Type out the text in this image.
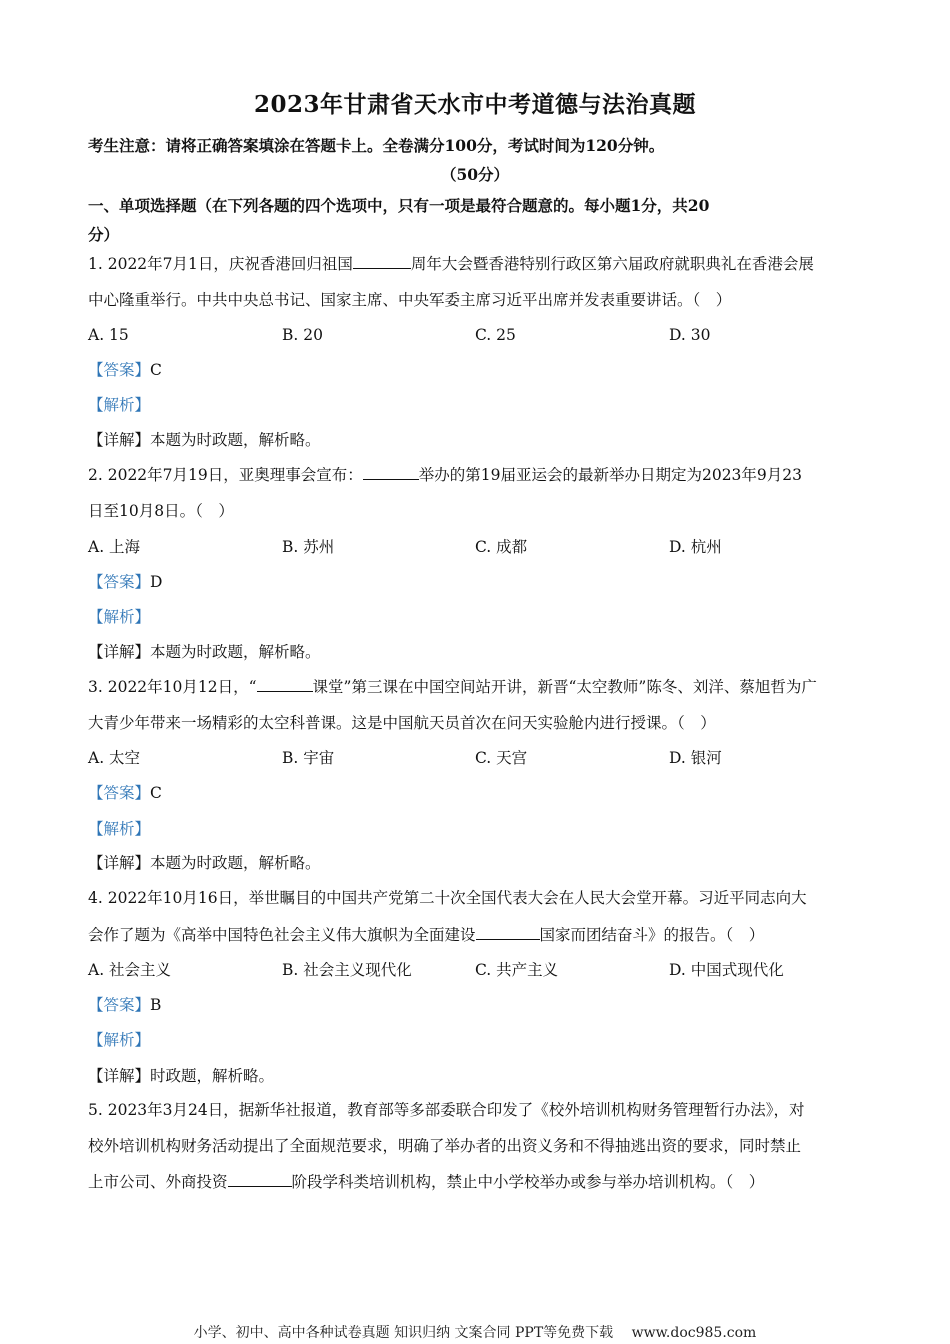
2023年甘肃省天水市中考道德与法治真题
考生注意：请将正确答案填涂在答题卡上。全卷满分100分，考试时间为120分钟。
（50分）
一、单项选择题（在下列各题的四个选项中，只有一项是最符合题意的。每小题1分，共20
分）
1. 2022年7月1日，庆祝香港回归祖国	周年大会暨香港特别行政区第六届政府就职典礼在香港会展
中心隆重举行。中共中央总书记、国家主席、中央军委主席习近平出席并发表重要讲话。（　）
A. 15	B. 20	C. 25	D. 30
【答案】C
【解析】
【详解】本题为时政题，解析略。
2. 2022年7月19日，亚奥理事会宣布：	举办的第19届亚运会的最新举办日期定为2023年9月23
日至10月8日。（　）
A. 上海	B. 苏州	C. 成都	D. 杭州
【答案】D
【解析】
【详解】本题为时政题，解析略。
3. 2022年10月12日，“	课堂”第三课在中国空间站开讲，新晋“太空教师”陈冬、刘洋、蔡旭哲为广
大青少年带来一场精彩的太空科普课。这是中国航天员首次在问天实验舱内进行授课。（　）
A. 太空	B. 宇宙	C. 天宫	D. 银河
【答案】C
【解析】
【详解】本题为时政题，解析略。
4. 2022年10月16日，举世瞩目的中国共产党第二十次全国代表大会在人民大会堂开幕。习近平同志向大
会作了题为《高举中国特色社会主义伟大旗帜为全面建设	国家而团结奋斗》的报告。（　）
A. 社会主义	B. 社会主义现代化	C. 共产主义	D. 中国式现代化
【答案】B
【解析】
【详解】时政题，解析略。
5. 2023年3月24日，据新华社报道，教育部等多部委联合印发了《校外培训机构财务管理暂行办法》，对
校外培训机构财务活动提出了全面规范要求，明确了举办者的出资义务和不得抽逃出资的要求，同时禁止
上市公司、外商投资	阶段学科类培训机构，禁止中小学校举办或参与举办培训机构。（　）
小学、初中、高中各种试卷真题 知识归纳 文案合同 PPT等免费下载　 www.doc985.com
